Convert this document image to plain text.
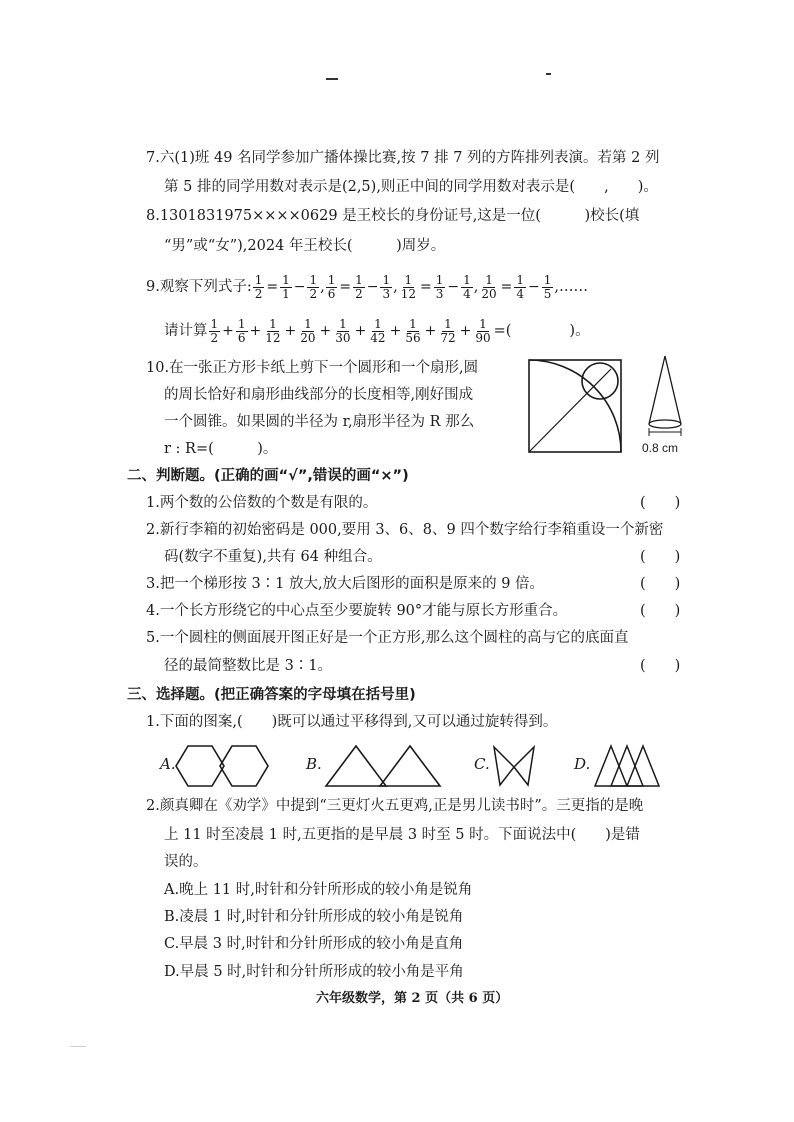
7.六(1)班 49 名同学参加广播体操比赛,按 7 排 7 列的方阵排列表演。若第 2 列
第 5 排的同学用数对表示是(2,5),则正中间的同学用数对表示是(　　,　　)。
8.1301831975××××0629 是王校长的身份证号,这是一位(　　　)校长(填
“男”或“女”),2024 年王校长(　　　)周岁。
9.观察下列式子: $\frac{1}{2} = \frac{1}{1} - \frac{1}{2}$ , $\frac{1}{6} = \frac{1}{2} - \frac{1}{3}$ , $\frac{1}{12} = \frac{1}{3} - \frac{1}{4}$ , $\frac{1}{20} = \frac{1}{4} - \frac{1}{5}$ ,……
请计算 $\frac{1}{2} + \frac{1}{6} + \frac{1}{12} + \frac{1}{20} + \frac{1}{30} + \frac{1}{42} + \frac{1}{56} + \frac{1}{72} + \frac{1}{90}$ =(　　　　)。
10.在一张正方形卡纸上剪下一个圆形和一个扇形,圆
的周长恰好和扇形曲线部分的长度相等,刚好围成
一个圆锥。如果圆的半径为 r,扇形半径为 R 那么
r : R=(　　　)。	0.8 cm
二、判断题。(正确的画“√”,错误的画“×”)
1.两个数的公倍数的个数是有限的。	(　　)
2.新行李箱的初始密码是 000,要用 3、6、8、9 四个数字给行李箱重设一个新密
码(数字不重复),共有 64 种组合。	(　　)
3.把一个梯形按 3∶1 放大,放大后图形的面积是原来的 9 倍。	(　　)
4.一个长方形绕它的中心点至少要旋转 90°才能与原长方形重合。	(　　)
5.一个圆柱的侧面展开图正好是一个正方形,那么这个圆柱的高与它的底面直
径的最简整数比是 3∶1。	(　　)
三、选择题。(把正确答案的字母填在括号里)
1.下面的图案,(　　)既可以通过平移得到,又可以通过旋转得到。
A.	B.	C.	D.
2.颜真卿在《劝学》中提到“三更灯火五更鸡,正是男儿读书时”。三更指的是晚
上 11 时至凌晨 1 时,五更指的是早晨 3 时至 5 时。下面说法中(　　)是错
误的。
A.晚上 11 时,时针和分针所形成的较小角是锐角
B.凌晨 1 时,时针和分针所形成的较小角是锐角
C.早晨 3 时,时针和分针所形成的较小角是直角
D.早晨 5 时,时针和分针所形成的较小角是平角
六年级数学，第 2 页（共 6 页）
